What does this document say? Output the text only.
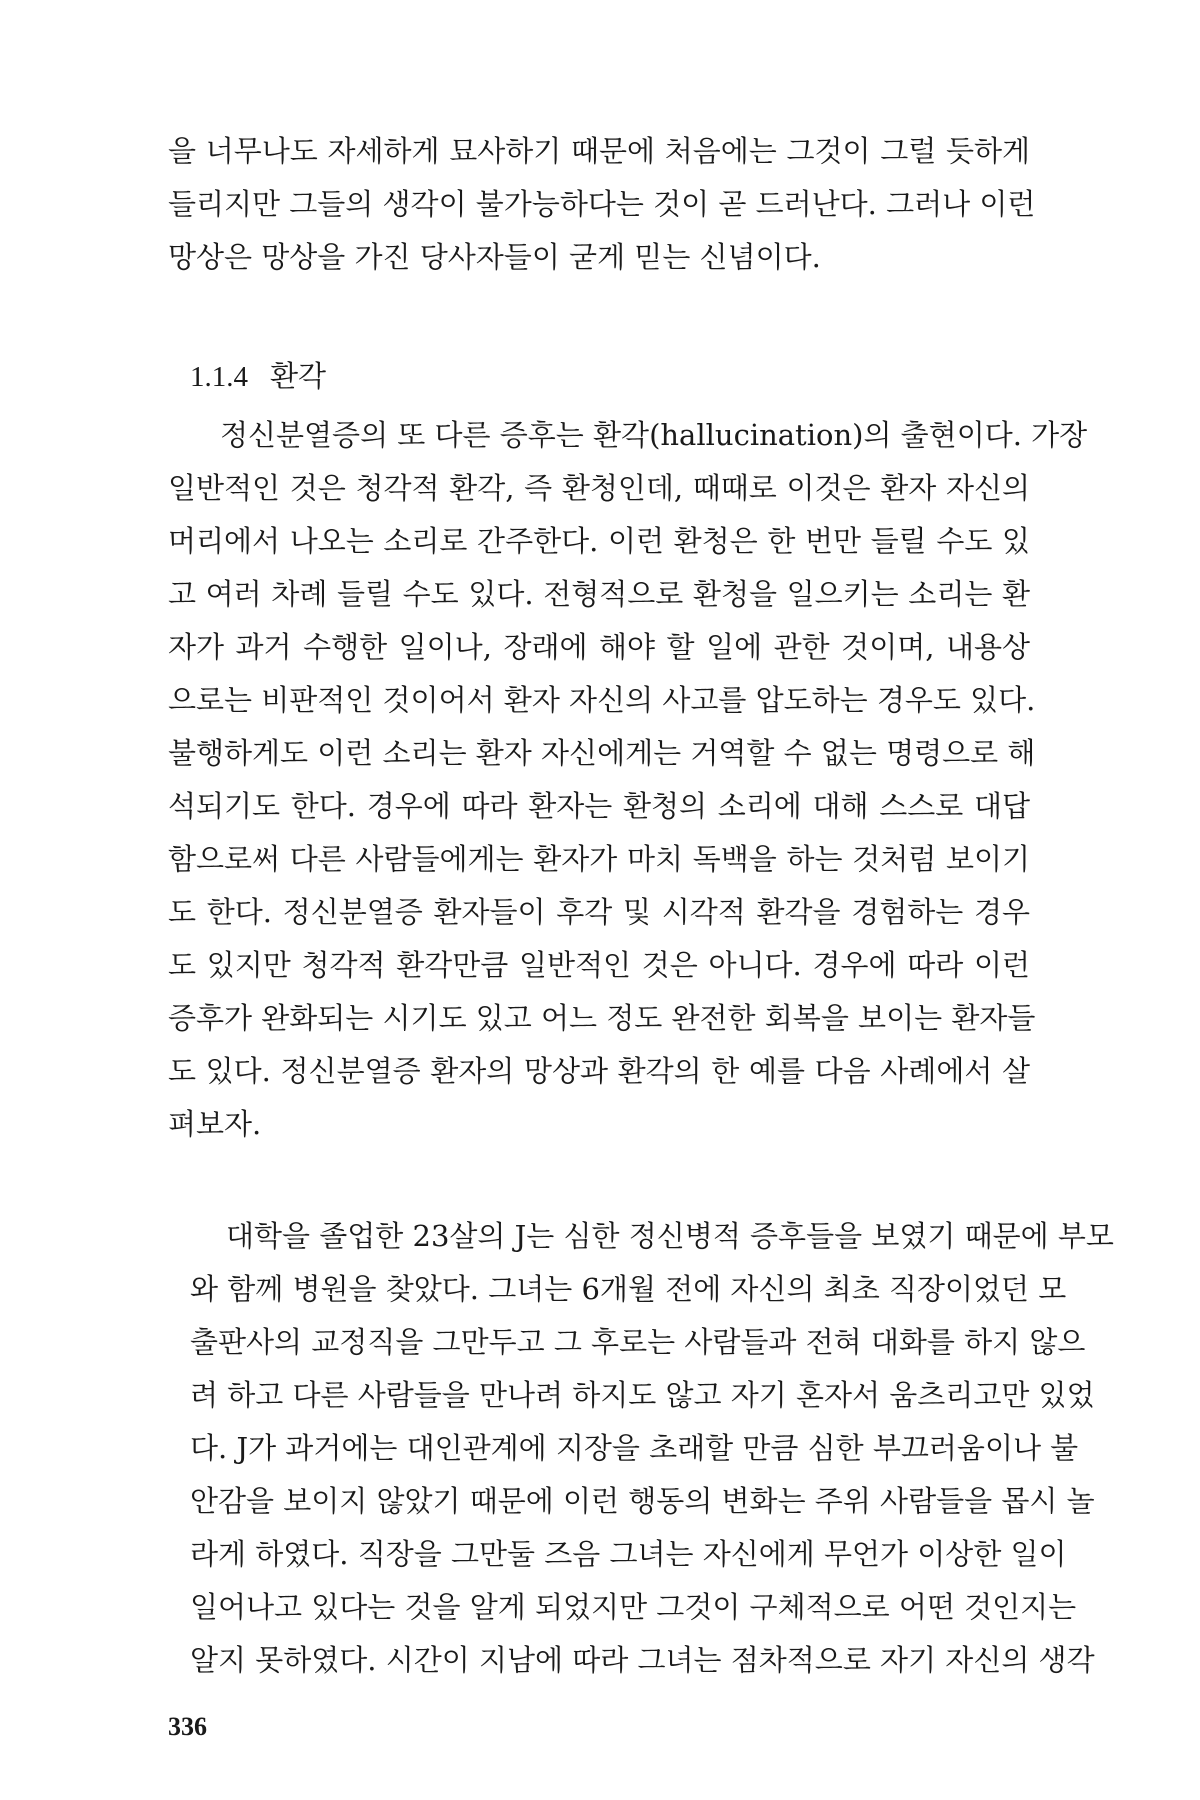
을 너무나도 자세하게 묘사하기 때문에 처음에는 그것이 그럴 듯하게
들리지만 그들의 생각이 불가능하다는 것이 곧 드러난다. 그러나 이런
망상은 망상을 가진 당사자들이 굳게 믿는 신념이다.
1.1.4 환각
정신분열증의 또 다른 증후는 환각(hallucination)의 출현이다. 가장
일반적인 것은 청각적 환각, 즉 환청인데, 때때로 이것은 환자 자신의
머리에서 나오는 소리로 간주한다. 이런 환청은 한 번만 들릴 수도 있
고 여러 차례 들릴 수도 있다. 전형적으로 환청을 일으키는 소리는 환
자가 과거 수행한 일이나, 장래에 해야 할 일에 관한 것이며, 내용상
으로는 비판적인 것이어서 환자 자신의 사고를 압도하는 경우도 있다.
불행하게도 이런 소리는 환자 자신에게는 거역할 수 없는 명령으로 해
석되기도 한다. 경우에 따라 환자는 환청의 소리에 대해 스스로 대답
함으로써 다른 사람들에게는 환자가 마치 독백을 하는 것처럼 보이기
도 한다. 정신분열증 환자들이 후각 및 시각적 환각을 경험하는 경우
도 있지만 청각적 환각만큼 일반적인 것은 아니다. 경우에 따라 이런
증후가 완화되는 시기도 있고 어느 정도 완전한 회복을 보이는 환자들
도 있다. 정신분열증 환자의 망상과 환각의 한 예를 다음 사례에서 살
펴보자.
대학을 졸업한 23살의 J는 심한 정신병적 증후들을 보였기 때문에 부모
와 함께 병원을 찾았다. 그녀는 6개월 전에 자신의 최초 직장이었던 모
출판사의 교정직을 그만두고 그 후로는 사람들과 전혀 대화를 하지 않으
려 하고 다른 사람들을 만나려 하지도 않고 자기 혼자서 움츠리고만 있었
다. J가 과거에는 대인관계에 지장을 초래할 만큼 심한 부끄러움이나 불
안감을 보이지 않았기 때문에 이런 행동의 변화는 주위 사람들을 몹시 놀
라게 하였다. 직장을 그만둘 즈음 그녀는 자신에게 무언가 이상한 일이
일어나고 있다는 것을 알게 되었지만 그것이 구체적으로 어떤 것인지는
알지 못하였다. 시간이 지남에 따라 그녀는 점차적으로 자기 자신의 생각
336
